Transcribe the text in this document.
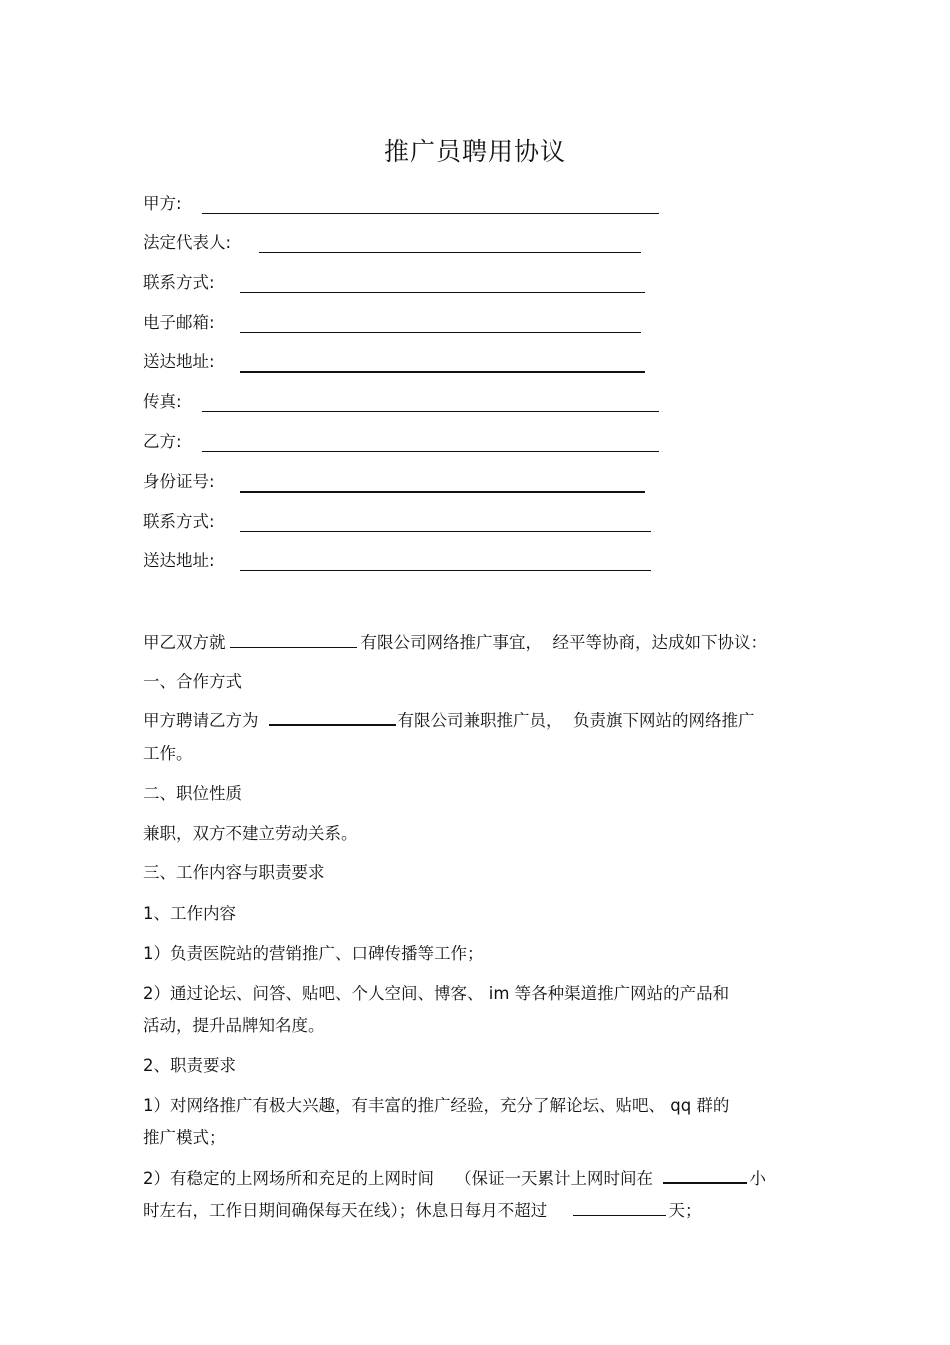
推广员聘用协议
甲方:
法定代表人:
联系方式:
电子邮箱:
送达地址:
传真:
乙方:
身份证号:
联系方式:
送达地址:
甲乙双方就	有限公司网络推广事宜，  经平等协商，达成如下协议：
一、合作方式
甲方聘请乙方为	有限公司兼职推广员，  负责旗下网站的网络推广
工作。
二、职位性质
兼职，双方不建立劳动关系。
三、工作内容与职责要求
1、工作内容
1）负责医院站的营销推广、口碑传播等工作；
2）通过论坛、问答、贴吧、个人空间、博客、 im 等各种渠道推广网站的产品和
活动，提升品牌知名度。
2、职责要求
1）对网络推广有极大兴趣，有丰富的推广经验，充分了解论坛、贴吧、 qq 群的
推广模式；
2）有稳定的上网场所和充足的上网时间    （保证一天累计上网时间在	小
时左右，工作日期间确保每天在线）；休息日每月不超过	天；
